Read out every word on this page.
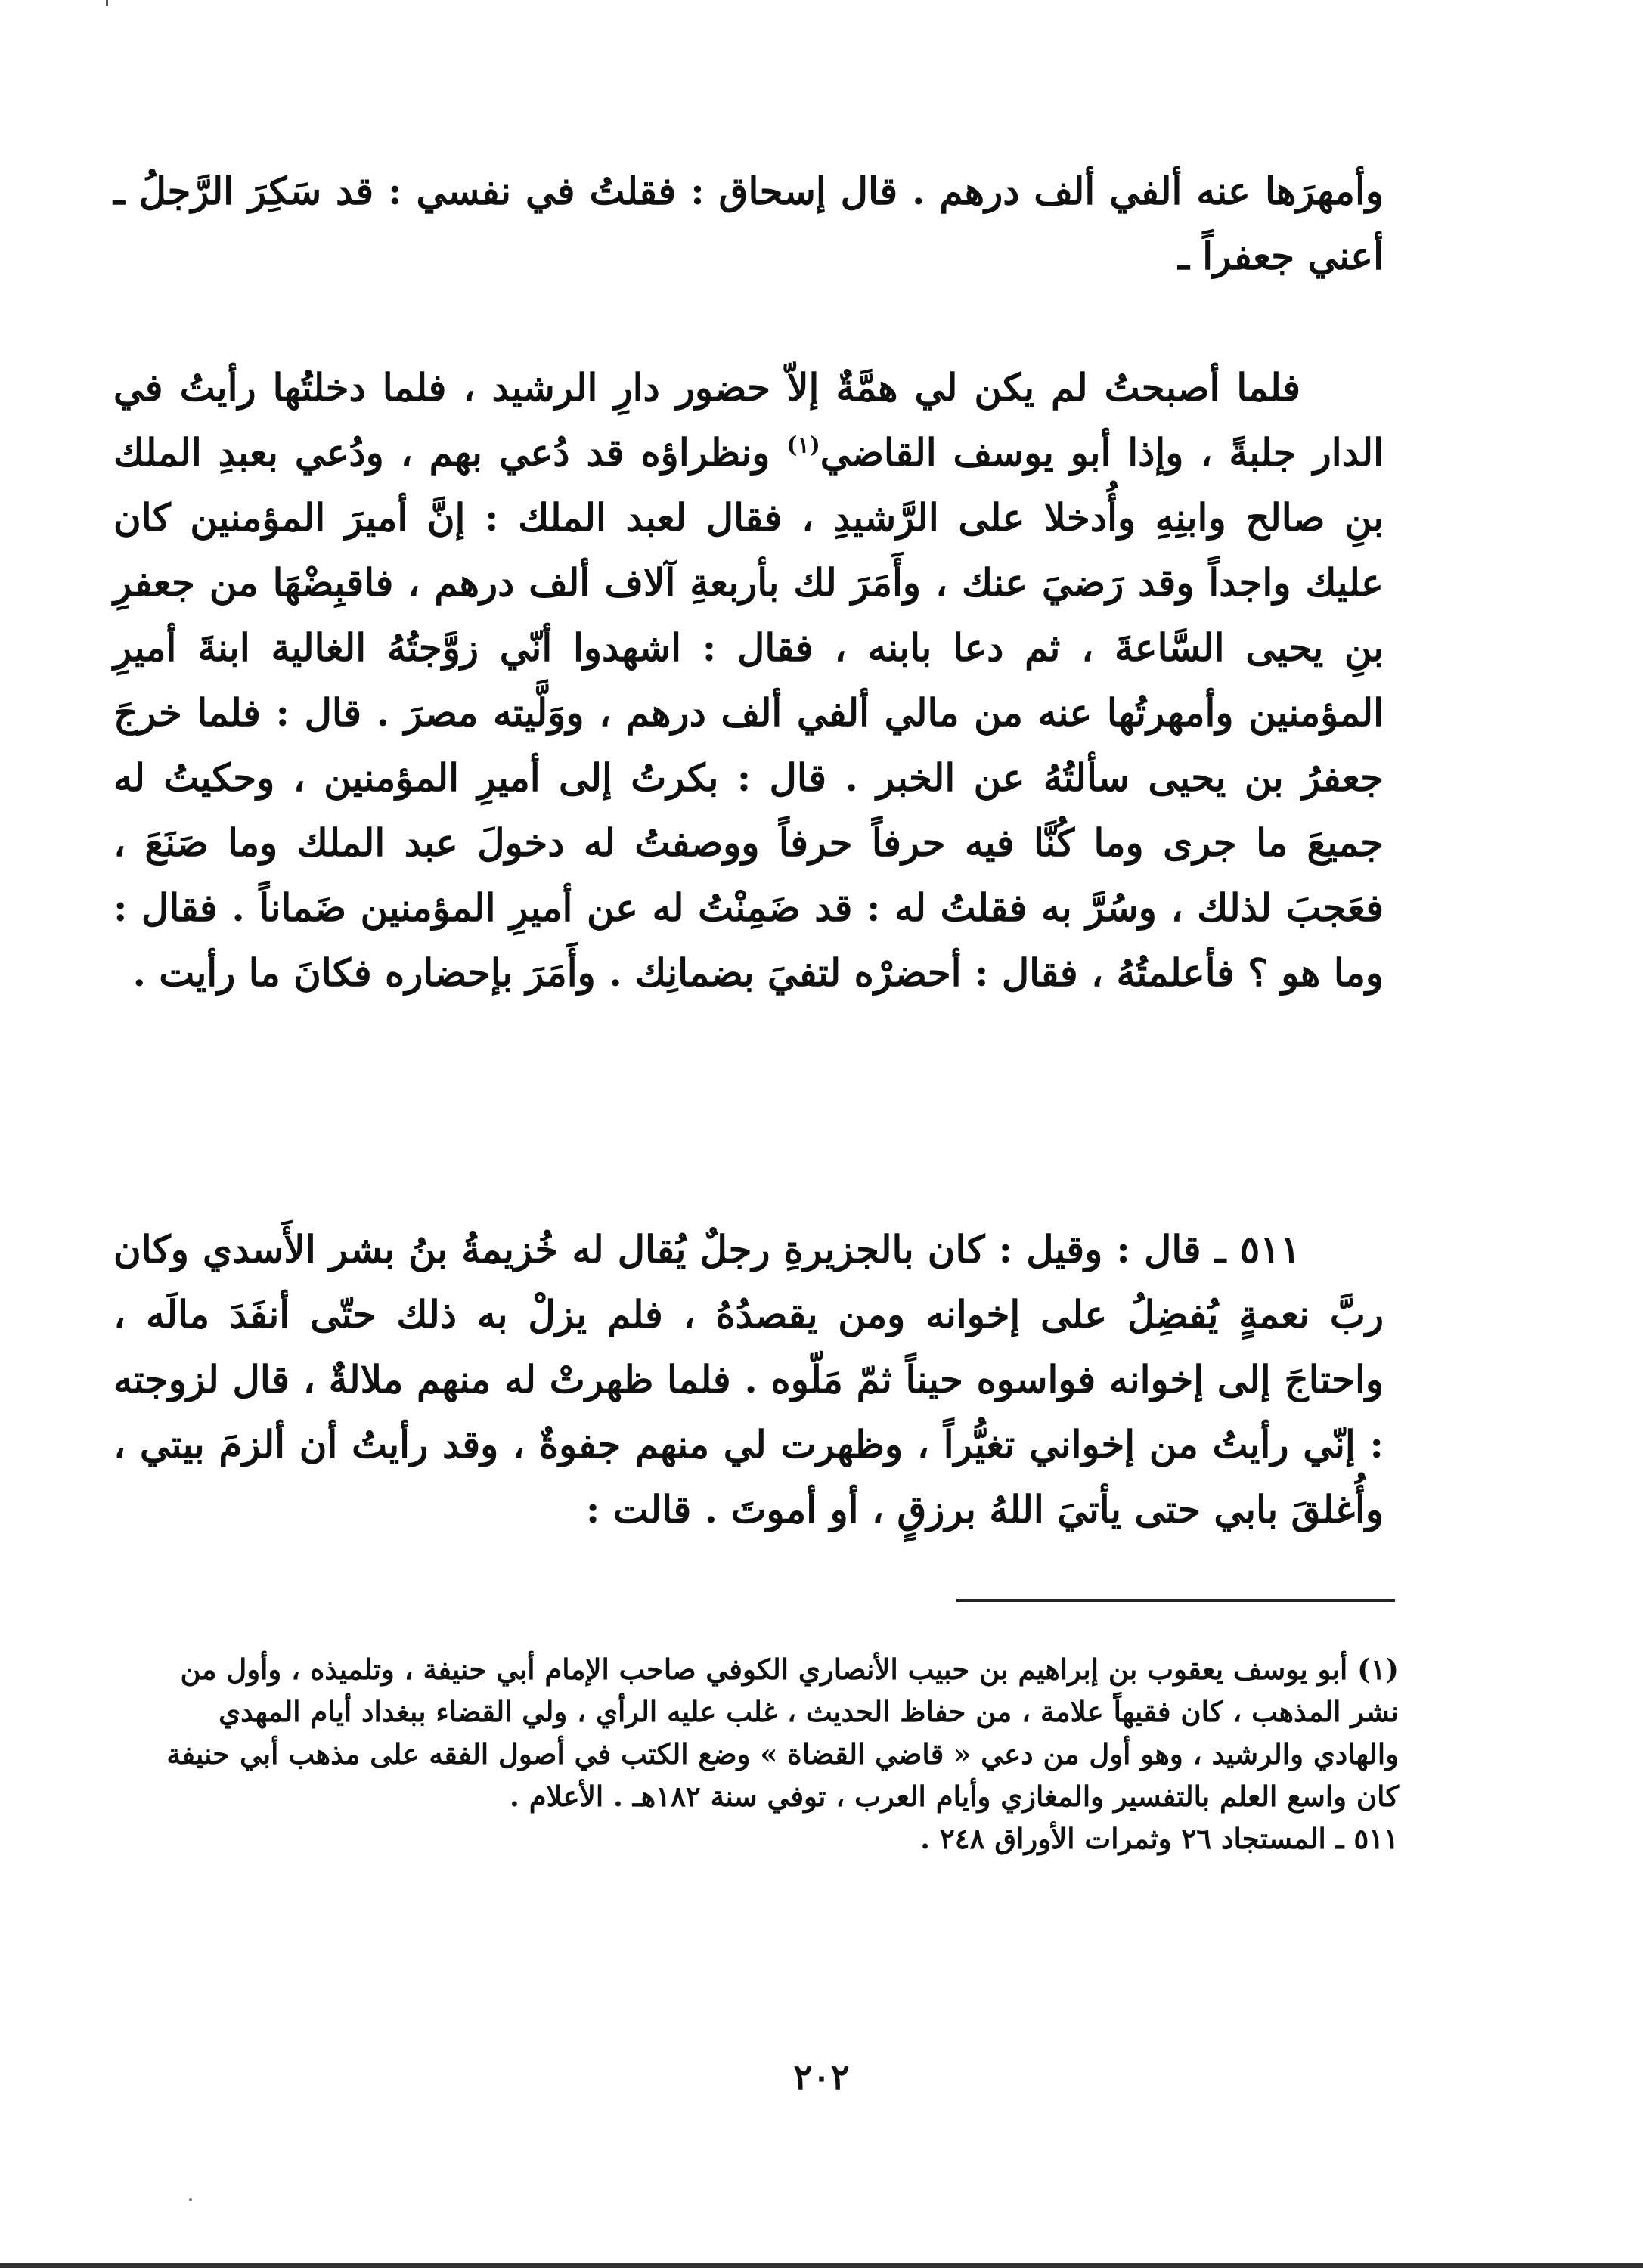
وأمهرَها عنه ألفي ألف درهم . قال إسحاق : فقلتُ في نفسي : قد سَكِرَ الرَّجلُ ـ أعني جعفراً ـ

فلما أصبحتُ لم يكن لي همَّةٌ إلاّ حضور دارِ الرشيد ، فلما دخلتُها رأيتُ في الدار جلبةً ، وإذا أبو يوسف القاضي$^{(١)}$ ونظراؤه قد دُعي بهم ، ودُعي بعبدِ الملك بنِ صالح وابنِهِ وأُدخلا على الرَّشيدِ ، فقال لعبد الملك : إنَّ أميرَ المؤمنين كان عليك واجداً وقد رَضيَ عنك ، وأَمَرَ لك بأربعةِ آلاف ألف درهم ، فاقبِضْهَا من جعفرِ بنِ يحيى السَّاعةَ ، ثم دعا بابنه ، فقال : اشهدوا أنّي زوَّجتُهُ الغالية ابنةَ أميرِ المؤمنين وأمهرتُها عنه من مالي ألفي ألف درهم ، ووَلَّيته مصرَ . قال : فلما خرجَ جعفرُ بن يحيى سألتُهُ عن الخبر . قال : بكرتُ إلى أميرِ المؤمنين ، وحكيتُ له جميعَ ما جرى وما كُنَّا فيه حرفاً حرفاً ووصفتُ له دخولَ عبد الملك وما صَنَعَ ، فعَجبَ لذلك ، وسُرَّ به فقلتُ له : قد ضَمِنْتُ له عن أميرِ المؤمنين ضَماناً . فقال : وما هو ؟ فأعلمتُهُ ، فقال : أحضرْه لتفيَ بضمانِك . وأَمَرَ بإحضاره فكانَ ما رأيت .

٥١١ ـ قال : وقيل : كان بالجزيرةِ رجلٌ يُقال له خُزيمةُ بنُ بشر الأَسدي وكان ربَّ نعمةٍ يُفضِلُ على إخوانه ومن يقصدُهُ ، فلم يزلْ به ذلك حتّى أنفَدَ مالَه ، واحتاجَ إلى إخوانه فواسوه حيناً ثمّ مَلّوه . فلما ظهرتْ له منهم ملالةٌ ، قال لزوجته : إنّي رأيتُ من إخواني تغيُّراً ، وظهرت لي منهم جفوةٌ ، وقد رأيتُ أن ألزمَ بيتي ، وأُغلقَ بابي حتى يأتيَ اللهُ برزقٍ ، أو أموتَ . قالت :

(١) أبو يوسف يعقوب بن إبراهيم بن حبيب الأنصاري الكوفي صاحب الإمام أبي حنيفة ، وتلميذه ، وأول من نشر المذهب ، كان فقيهاً علامة ، من حفاظ الحديث ، غلب عليه الرأي ، ولي القضاء ببغداد أيام المهدي والهادي والرشيد ، وهو أول من دعي « قاضي القضاة » وضع الكتب في أصول الفقه على مذهب أبي حنيفة كان واسع العلم بالتفسير والمغازي وأيام العرب ، توفي سنة ١٨٢هـ . الأعلام .

٥١١ ـ المستجاد ٢٦ وثمرات الأوراق ٢٤٨ .

٢٠٢
